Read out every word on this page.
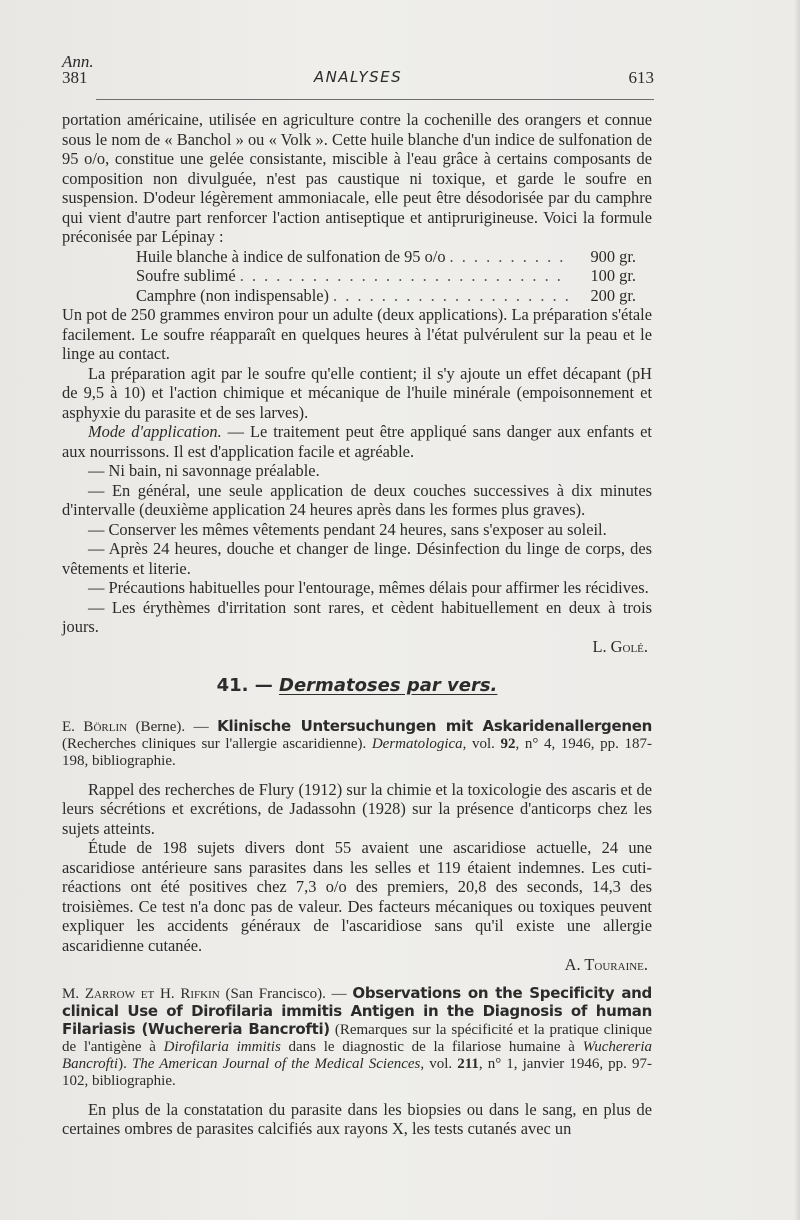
Ann.
381	ANALYSES	613

portation américaine, utilisée en agriculture contre la cochenille des orangers et connue sous le nom de « Banchol » ou « Volk ». Cette huile blanche d'un indice de sulfonation de 95 o/o, constitue une gelée consistante, miscible à l'eau grâce à certains composants de composition non divulguée, n'est pas caustique ni toxique, et garde le soufre en suspension. D'odeur légèrement ammoniacale, elle peut être désodorisée par du camphre qui vient d'autre part renforcer l'action antiseptique et antiprurigineuse. Voici la formule préconisée par Lépinay :

Huile blanche à indice de sulfonation de 95 o/o . . .	900 gr.
Soufre sublimé . . .	100 gr.
Camphre (non indispensable) . . .	200 gr.

Un pot de 250 grammes environ pour un adulte (deux applications). La préparation s'étale facilement. Le soufre réapparaît en quelques heures à l'état pulvérulent sur la peau et le linge au contact.

La préparation agit par le soufre qu'elle contient; il s'y ajoute un effet décapant (pH de 9,5 à 10) et l'action chimique et mécanique de l'huile minérale (empoisonnement et asphyxie du parasite et de ses larves).

Mode d'application. — Le traitement peut être appliqué sans danger aux enfants et aux nourrissons. Il est d'application facile et agréable.

— Ni bain, ni savonnage préalable.

— En général, une seule application de deux couches successives à dix minutes d'intervalle (deuxième application 24 heures après dans les formes plus graves).

— Conserver les mêmes vêtements pendant 24 heures, sans s'exposer au soleil.

— Après 24 heures, douche et changer de linge. Désinfection du linge de corps, des vêtements et literie.

— Précautions habituelles pour l'entourage, mêmes délais pour affirmer les récidives.

— Les érythèmes d'irritation sont rares, et cèdent habituellement en deux à trois jours.

L. Golé.
41. — Dermatoses par vers.

E. Börlin (Berne). — Klinische Untersuchungen mit Askaridenallergenen (Recherches cliniques sur l'allergie ascaridienne). Dermatologica, vol. 92, n° 4, 1946, pp. 187-198, bibliographie.

Rappel des recherches de Flury (1912) sur la chimie et la toxicologie des ascaris et de leurs sécrétions et excrétions, de Jadassohn (1928) sur la présence d'anticorps chez les sujets atteints.

Étude de 198 sujets divers dont 55 avaient une ascaridiose actuelle, 24 une ascaridiose antérieure sans parasites dans les selles et 119 étaient indemnes. Les cuti-réactions ont été positives chez 7,3 o/o des premiers, 20,8 des seconds, 14,3 des troisièmes. Ce test n'a donc pas de valeur. Des facteurs mécaniques ou toxiques peuvent expliquer les accidents généraux de l'ascaridiose sans qu'il existe une allergie ascaridienne cutanée.

A. Touraine.

M. Zarrow et H. Rifkin (San Francisco). — Observations on the Specificity and clinical Use of Dirofilaria immitis Antigen in the Diagnosis of human Filariasis (Wuchereria Bancrofti) (Remarques sur la spécificité et la pratique clinique de l'antigène à Dirofilaria immitis dans le diagnostic de la filariose humaine à Wuchereria Bancrofti). The American Journal of the Medical Sciences, vol. 211, n° 1, janvier 1946, pp. 97-102, bibliographie.

En plus de la constatation du parasite dans les biopsies ou dans le sang, en plus de certaines ombres de parasites calcifiés aux rayons X, les tests cutanés avec un
